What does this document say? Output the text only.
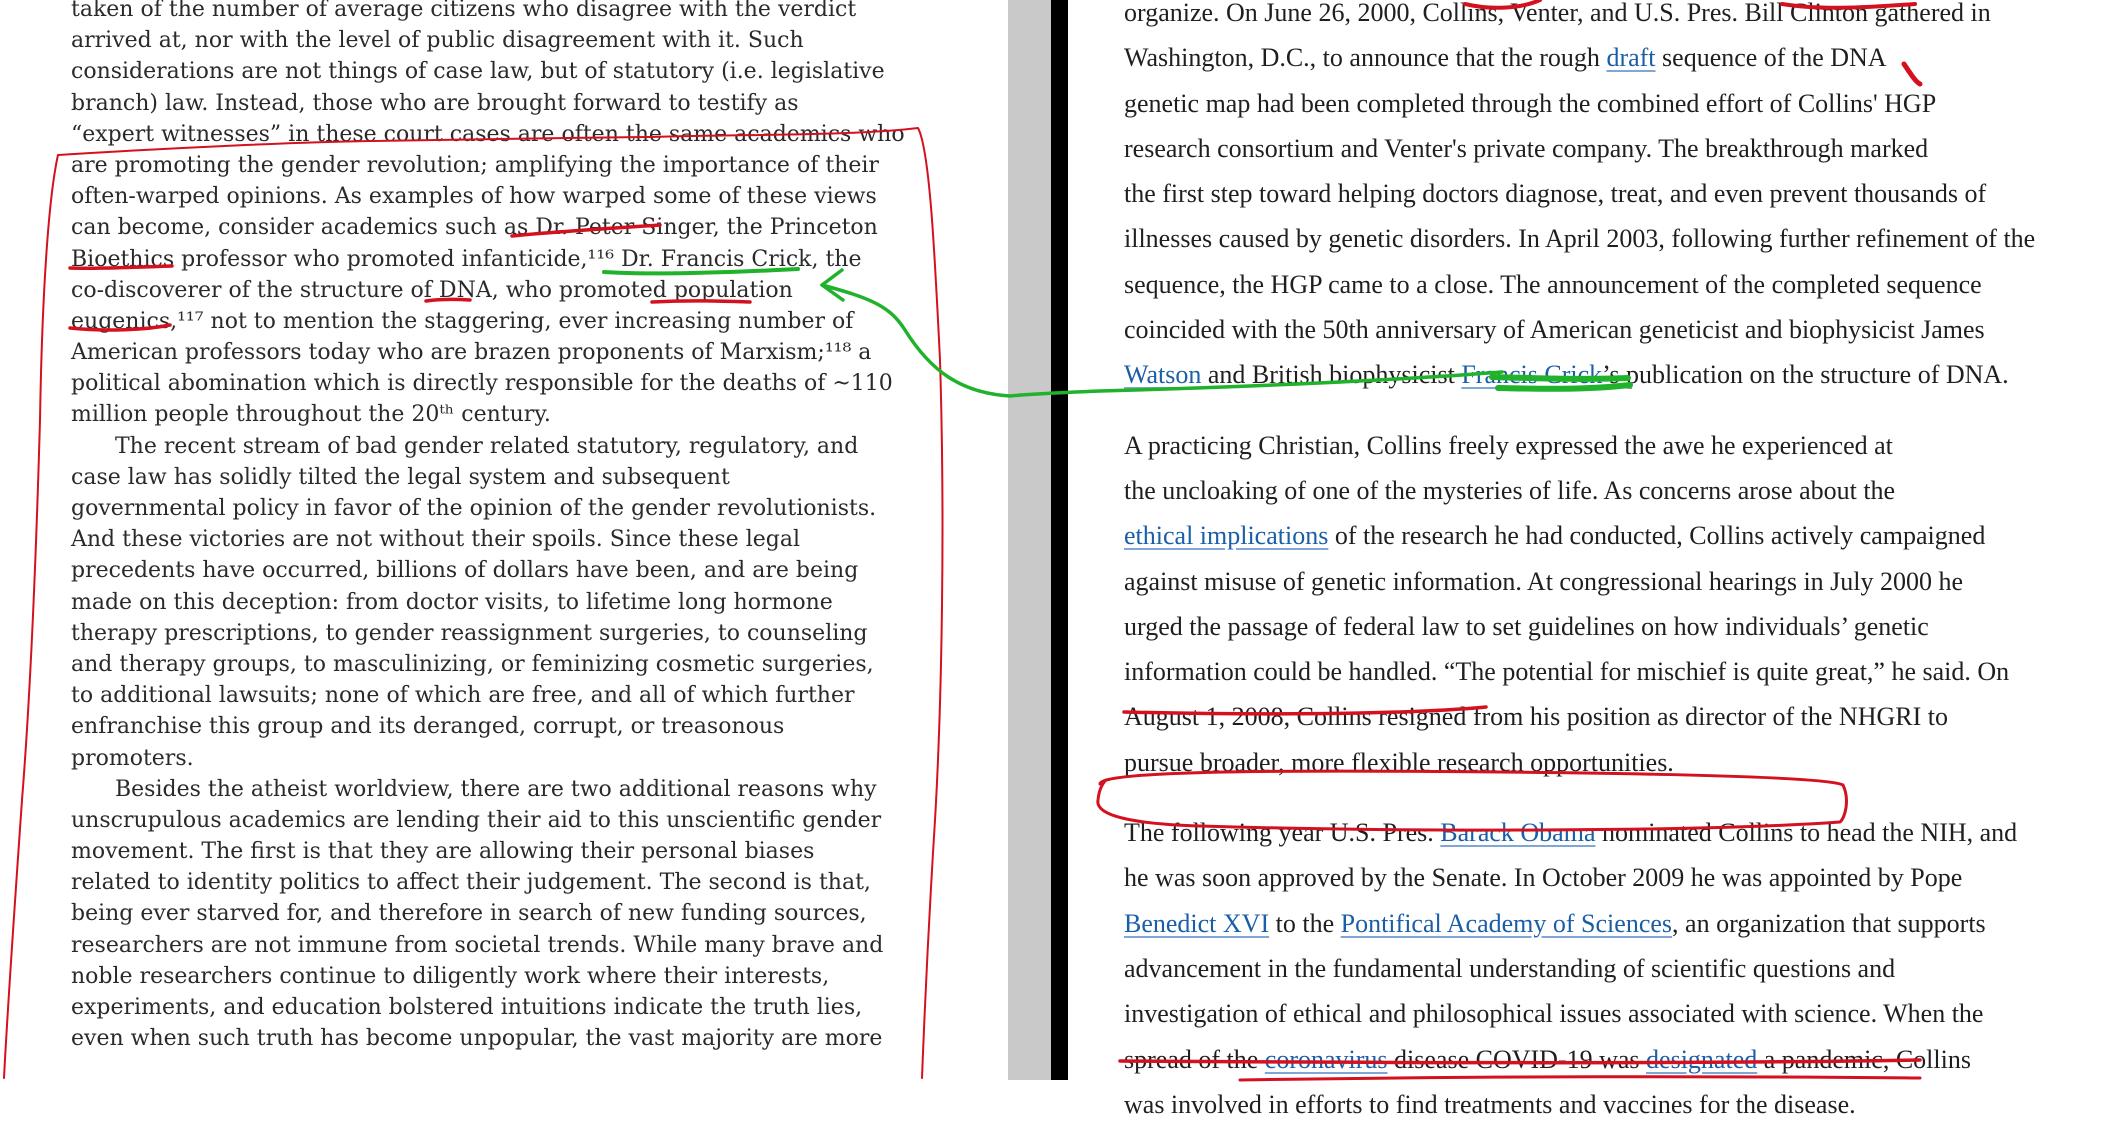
taken of the number of average citizens who disagree with the verdict
arrived at, nor with the level of public disagreement with it. Such
considerations are not things of case law, but of statutory (i.e. legislative
branch) law. Instead, those who are brought forward to testify as
“expert witnesses” in these court cases are often the same academics who
are promoting the gender revolution; amplifying the importance of their
often-warped opinions. As examples of how warped some of these views
can become, consider academics such as Dr. Peter Singer, the Princeton
Bioethics professor who promoted infanticide,¹¹⁶ Dr. Francis Crick, the
co-discoverer of the structure of DNA, who promoted population
eugenics,¹¹⁷ not to mention the staggering, ever increasing number of
American professors today who are brazen proponents of Marxism;¹¹⁸ a
political abomination which is directly responsible for the deaths of ~110
million people throughout the 20ᵗʰ century.
The recent stream of bad gender related statutory, regulatory, and
case law has solidly tilted the legal system and subsequent
governmental policy in favor of the opinion of the gender revolutionists.
And these victories are not without their spoils. Since these legal
precedents have occurred, billions of dollars have been, and are being
made on this deception: from doctor visits, to lifetime long hormone
therapy prescriptions, to gender reassignment surgeries, to counseling
and therapy groups, to masculinizing, or feminizing cosmetic surgeries,
to additional lawsuits; none of which are free, and all of which further
enfranchise this group and its deranged, corrupt, or treasonous
promoters.
Besides the atheist worldview, there are two additional reasons why
unscrupulous academics are lending their aid to this unscientific gender
movement. The first is that they are allowing their personal biases
related to identity politics to affect their judgement. The second is that,
being ever starved for, and therefore in search of new funding sources,
researchers are not immune from societal trends. While many brave and
noble researchers continue to diligently work where their interests,
experiments, and education bolstered intuitions indicate the truth lies,
even when such truth has become unpopular, the vast majority are more
organize. On June 26, 2000, Collins, Venter, and U.S. Pres. Bill Clinton gathered in
Washington, D.C., to announce that the rough draft sequence of the DNA
genetic map had been completed through the combined effort of Collins' HGP
research consortium and Venter's private company. The breakthrough marked
the first step toward helping doctors diagnose, treat, and even prevent thousands of
illnesses caused by genetic disorders. In April 2003, following further refinement of the
sequence, the HGP came to a close. The announcement of the completed sequence
coincided with the 50th anniversary of American geneticist and biophysicist James
Watson and British biophysicist Francis Crick’s publication on the structure of DNA.
A practicing Christian, Collins freely expressed the awe he experienced at
the uncloaking of one of the mysteries of life. As concerns arose about the
ethical implications of the research he had conducted, Collins actively campaigned
against misuse of genetic information. At congressional hearings in July 2000 he
urged the passage of federal law to set guidelines on how individuals’ genetic
information could be handled. “The potential for mischief is quite great,” he said. On
August 1, 2008, Collins resigned from his position as director of the NHGRI to
pursue broader, more flexible research opportunities.
The following year U.S. Pres. Barack Obama nominated Collins to head the NIH, and
he was soon approved by the Senate. In October 2009 he was appointed by Pope
Benedict XVI to the Pontifical Academy of Sciences, an organization that supports
advancement in the fundamental understanding of scientific questions and
investigation of ethical and philosophical issues associated with science. When the
spread of the coronavirus disease COVID-19 was designated a pandemic, Collins
was involved in efforts to find treatments and vaccines for the disease.
